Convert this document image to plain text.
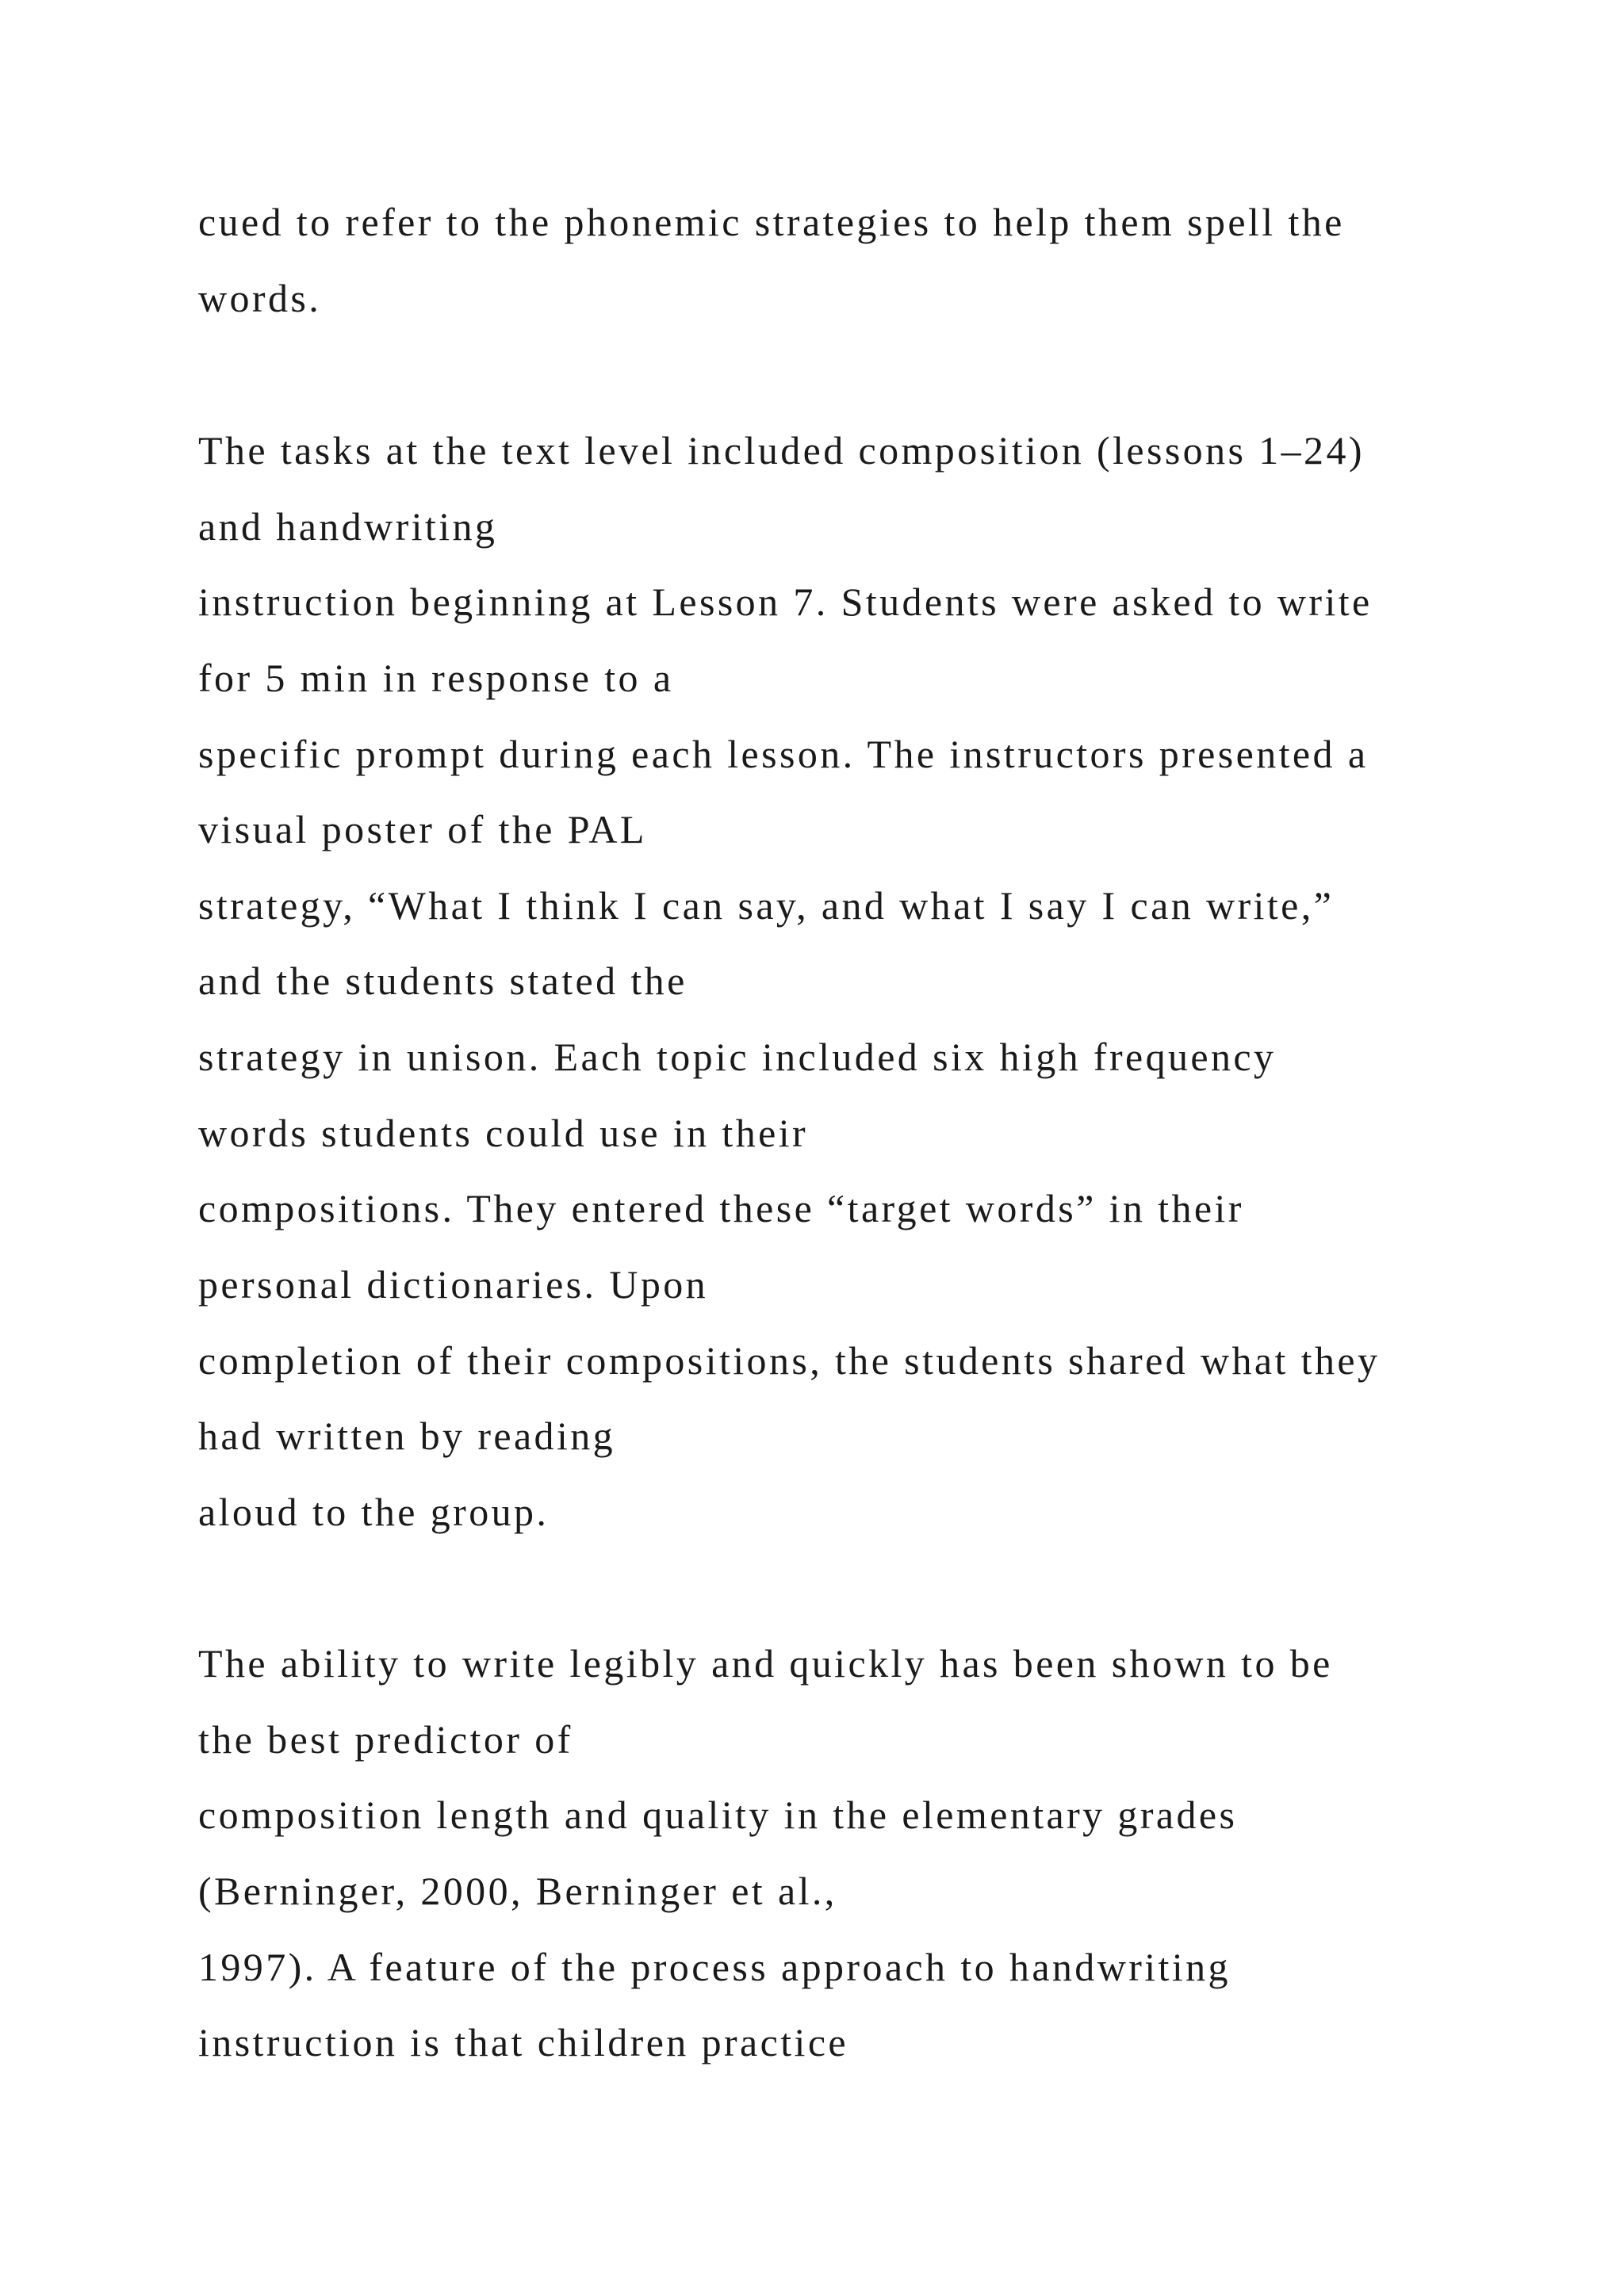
cued to refer to the phonemic strategies to help them spell the

words.

The tasks at the text level included composition (lessons 1–24)

and handwriting

instruction beginning at Lesson 7. Students were asked to write

for 5 min in response to a

specific prompt during each lesson. The instructors presented a

visual poster of the PAL

strategy, “What I think I can say, and what I say I can write,”

and the students stated the

strategy in unison. Each topic included six high frequency

words students could use in their

compositions. They entered these “target words” in their

personal dictionaries. Upon

completion of their compositions, the students shared what they

had written by reading

aloud to the group.

The ability to write legibly and quickly has been shown to be

the best predictor of

composition length and quality in the elementary grades

(Berninger, 2000, Berninger et al.,

1997). A feature of the process approach to handwriting

instruction is that children practice
